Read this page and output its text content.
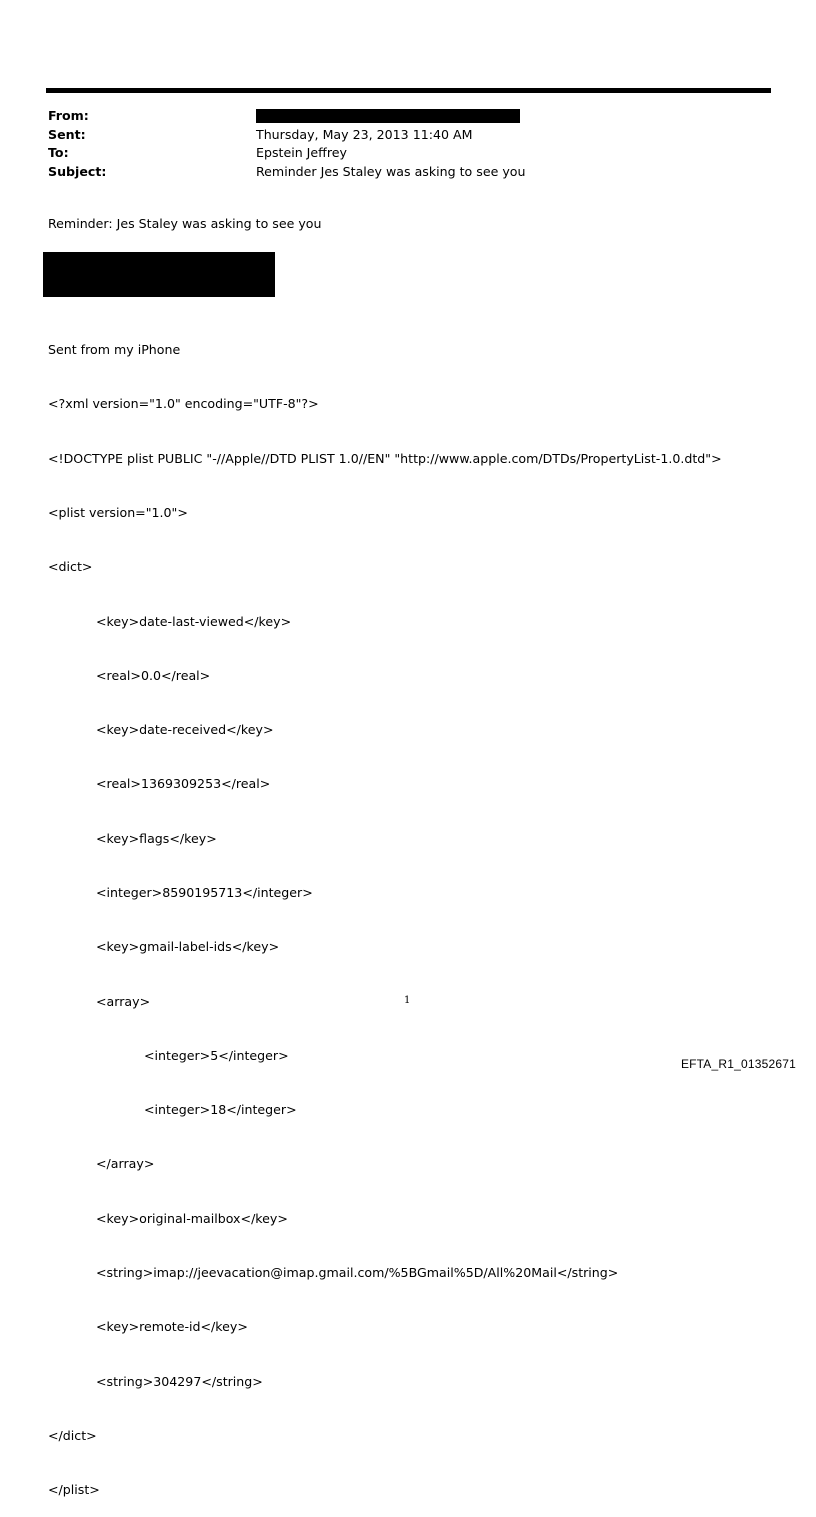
From:
Sent:	Thursday, May 23, 2013 11:40 AM
To:	Epstein Jeffrey
Subject:	Reminder Jes Staley was asking to see you
Reminder: Jes Staley was asking to see you

Sent from my iPhone

<?xml version="1.0" encoding="UTF-8"?>

<!DOCTYPE plist PUBLIC "-//Apple//DTD PLIST 1.0//EN" "http://www.apple.com/DTDs/PropertyList-1.0.dtd">

<plist version="1.0">

<dict>

<key>date-last-viewed</key>

<real>0.0</real>

<key>date-received</key>

<real>1369309253</real>

<key>flags</key>

<integer>8590195713</integer>

<key>gmail-label-ids</key>

<array>

<integer>5</integer>

<integer>18</integer>

</array>

<key>original-mailbox</key>

<string>imap://jeevacation@imap.gmail.com/%5BGmail%5D/All%20Mail</string>

<key>remote-id</key>

<string>304297</string>

</dict>

</plist>

1
EFTA_R1_01352671
